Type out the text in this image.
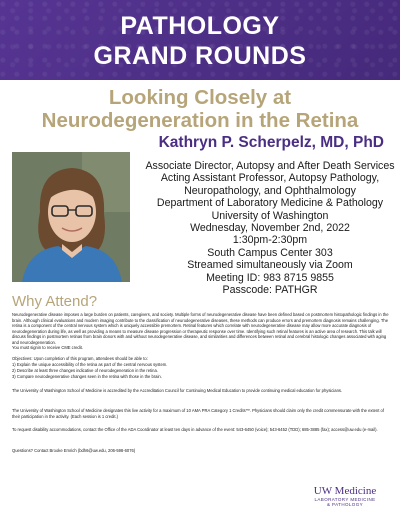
PATHOLOGY
GRAND ROUNDS
Looking Closely at
Neurodegeneration in the Retina
Kathryn P. Scherpelz, MD, PhD
Associate Director, Autopsy and After Death Services
Acting Assistant Professor, Autopsy Pathology,
Neuropathology, and Ophthalmology
Department of Laboratory Medicine & Pathology
University of Washington
Wednesday, November 2nd, 2022
1:30pm-2:30pm
South Campus Center 303
Streamed simultaneously via Zoom
Meeting ID: 983 8715 9855
Passcode: PATHGR
Why Attend?
Neurodegenerative disease imposes a large burden on patients, caregivers, and society. Multiple forms of neurodegenerative disease have been defined based on postmortem histopathologic findings in the brain. Although clinical evaluations and modern imaging contribute to the classification of neurodegenerative diseases, these methods can produce errors and premortem diagnosis remains challenging. The retina is a component of the central nervous system which is uniquely accessible premortem. Retinal features which correlate with neurodegenerative disease may allow more accurate diagnosis of neurodegeneration during life, as well as providing a means to measure disease progression or therapeutic response over time. Identifying such retinal features is an active area of research. This talk will discuss findings in postmortem retinas from brain donors with and without neurodegenerative disease, and similarities and differences between retinal and cerebral histologic changes associated with aging and neurodegeneration.
You must signin to receive CME credit.
Objectives: Upon completion of this program, attendees should be able to:
1) Explain the unique accessibility of the retina as part of the central nervous system.
2) Describe at least three changes indicative of neurodegeneration in the retina.
3) Compare neurodegenerative changes seen in the retina with those in the brain.
The University of Washington School of Medicine is accredited by the Accreditation Council for Continuing Medical Education to provide continuing medical education for physicians.
The University of Washington School of Medicine designates this live activity for a maximum of 10 AMA PRA Category 1 Credits™. Physicians should claim only the credit commensurate with the extent of their participation in the activity. (Each session is 1 credit.)
To request disability accommodations, contact the Office of the ADA Coordinator at least ten days in advance of the event: 543-6450 (voice); 543-6452 (TDD); 685-3885 (fax); access@uw.edu (e-mail).
Questions? Contact Brooke Emrich (bdh6@uw.edu, 206-598-6076)
UW Medicine
LABORATORY MEDICINE
& PATHOLOGY
